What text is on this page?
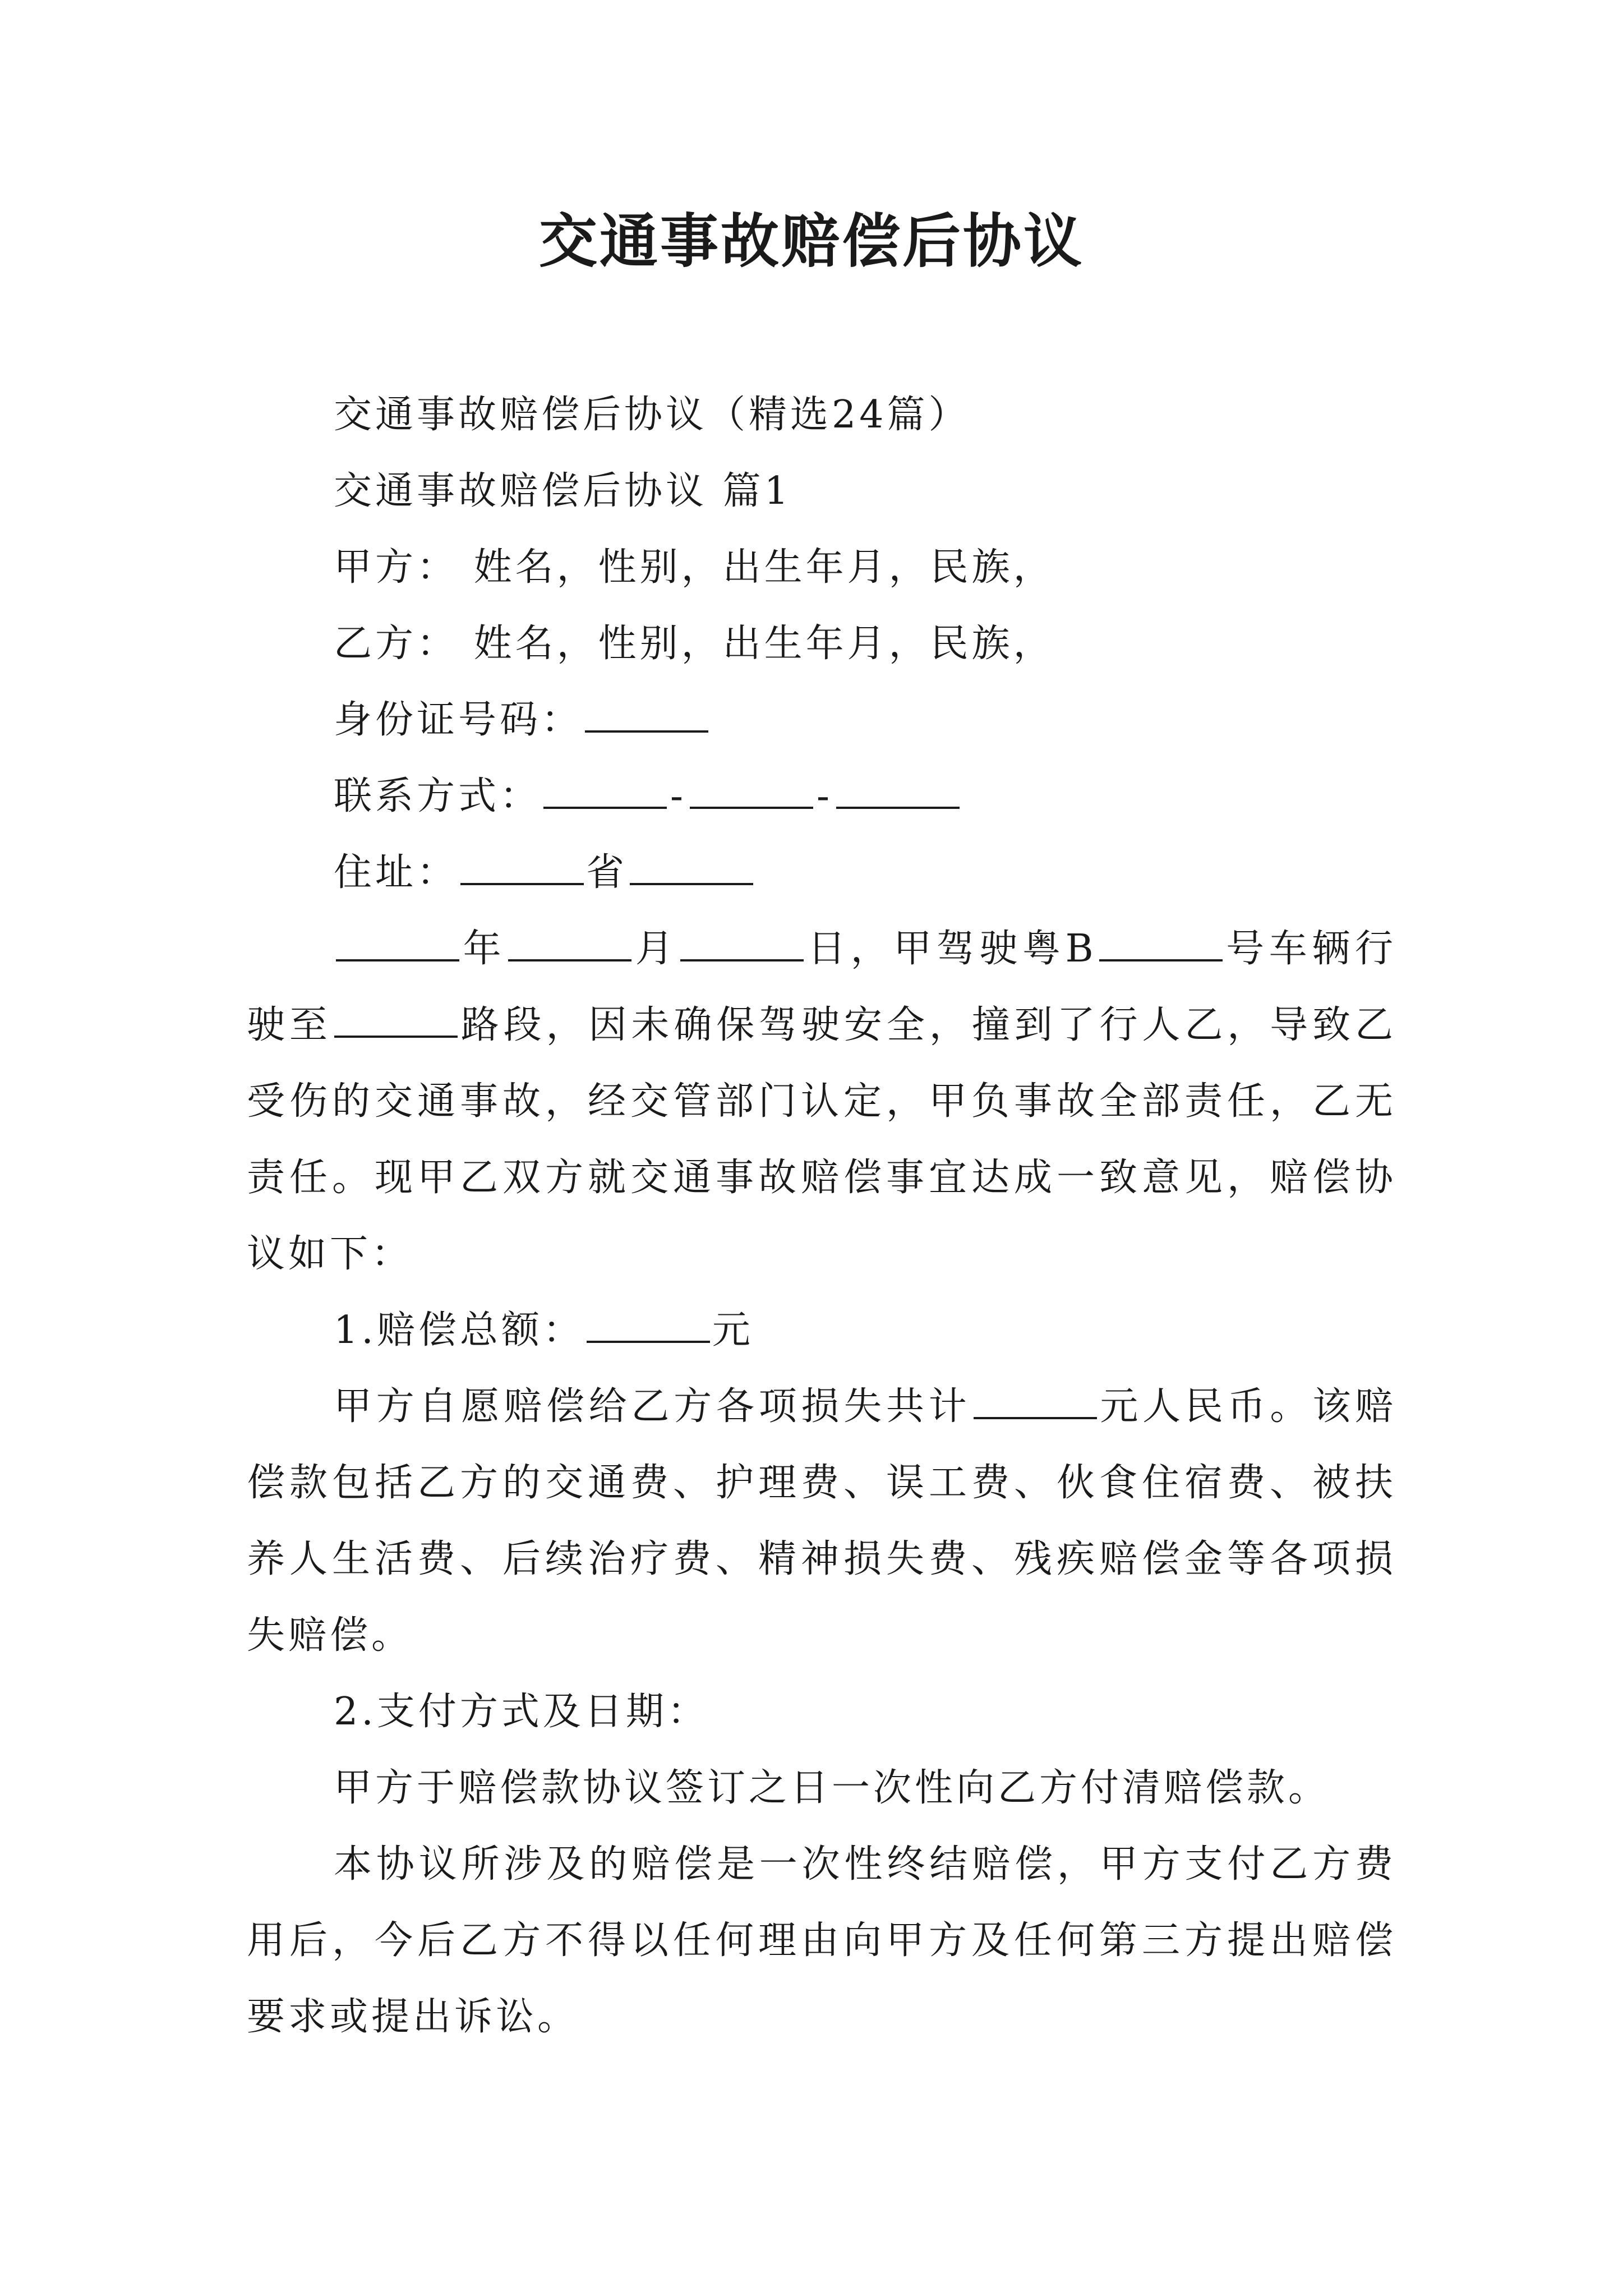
交通事故赔偿后协议

交通事故赔偿后协议（精选24篇）

交通事故赔偿后协议 篇1

甲方： 姓名，性别，出生年月，民族，

乙方： 姓名，性别，出生年月，民族，

身份证号码：

联系方式：	-	-

住址：	省

年	月	日，甲驾驶粤B	号车辆行驶至	路段，因未确保驾驶安全，撞到了行人乙，导致乙受伤的交通事故，经交管部门认定，甲负事故全部责任，乙无责任。现甲乙双方就交通事故赔偿事宜达成一致意见，赔偿协议如下：

1.赔偿总额：	元

甲方自愿赔偿给乙方各项损失共计	元人民币。该赔偿款包括乙方的交通费、护理费、误工费、伙食住宿费、被扶养人生活费、后续治疗费、精神损失费、残疾赔偿金等各项损失赔偿。

2.支付方式及日期：

甲方于赔偿款协议签订之日一次性向乙方付清赔偿款。

本协议所涉及的赔偿是一次性终结赔偿，甲方支付乙方费用后，今后乙方不得以任何理由向甲方及任何第三方提出赔偿要求或提出诉讼。
